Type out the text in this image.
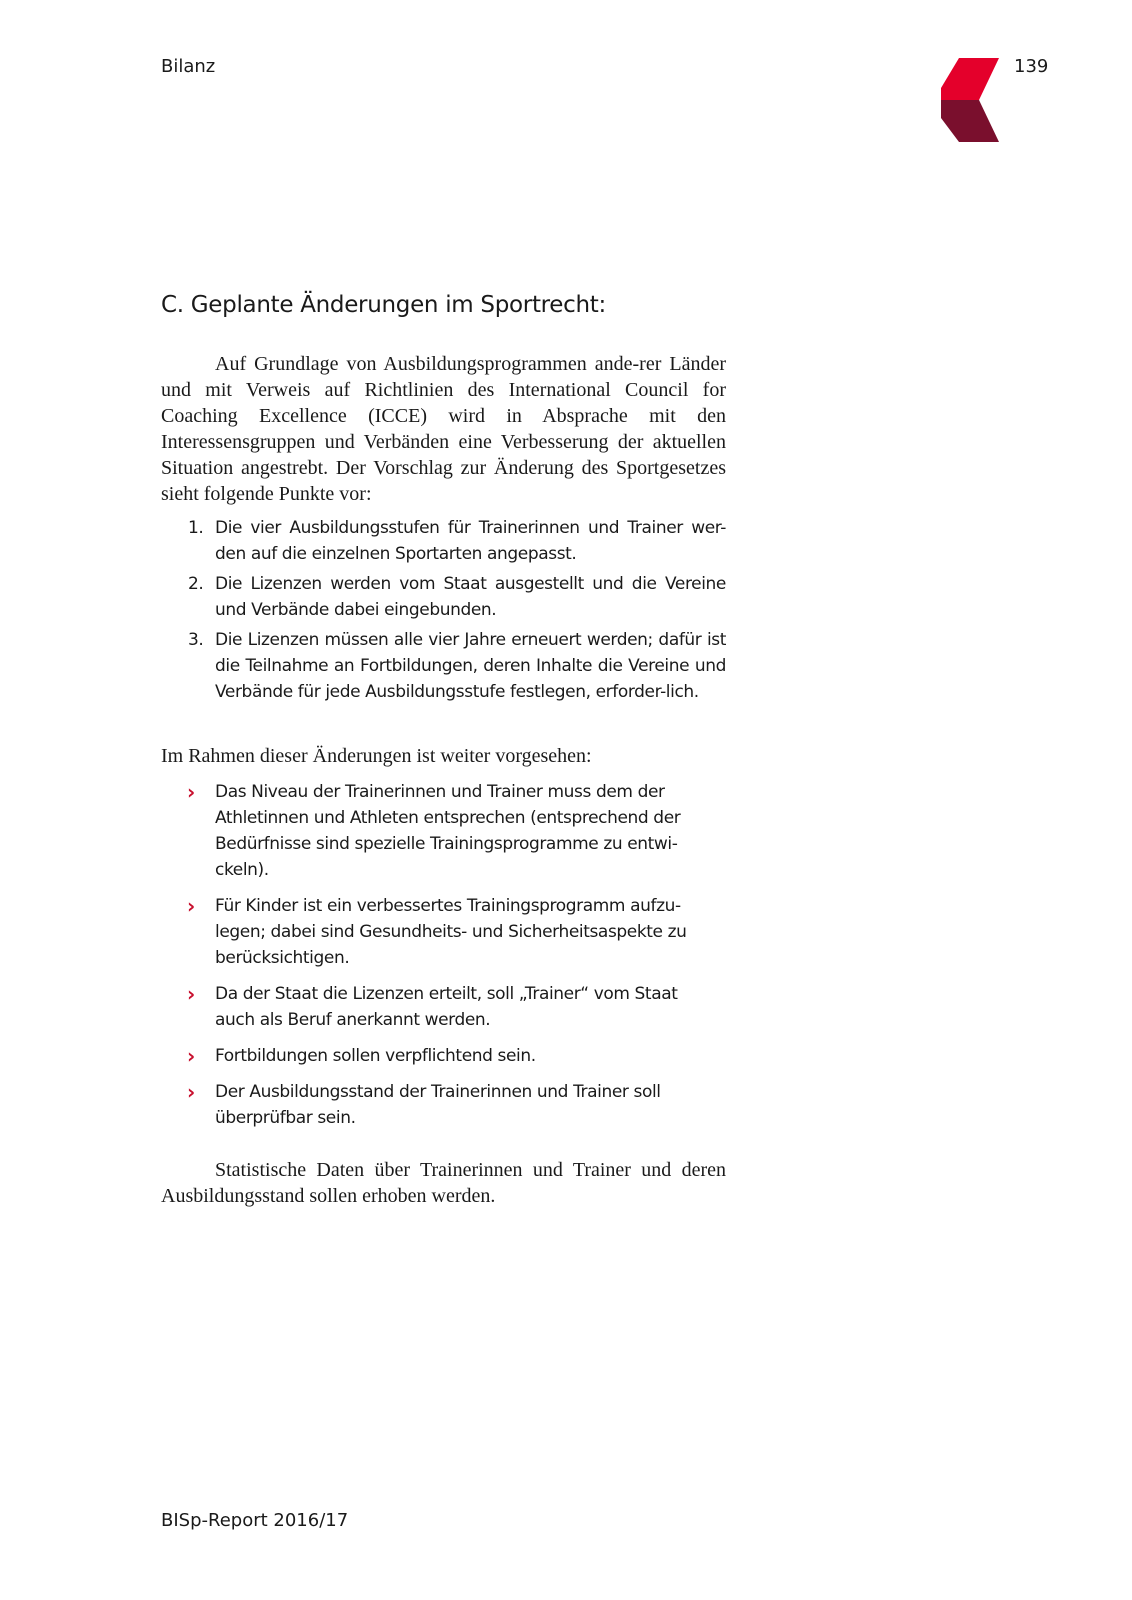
Bilanz	139

C. Geplante Änderungen im Sportrecht:

Auf Grundlage von Ausbildungsprogrammen ande-rer Länder und mit Verweis auf Richtlinien des International Council for Coaching Excellence (ICCE) wird in Absprache mit den Interessensgruppen und Verbänden eine Verbesserung der aktuellen Situation angestrebt. Der Vorschlag zur Änderung des Sportgesetzes sieht folgende Punkte vor:

1. Die vier Ausbildungsstufen für Trainerinnen und Trainer wer-den auf die einzelnen Sportarten angepasst.
2. Die Lizenzen werden vom Staat ausgestellt und die Vereine und Verbände dabei eingebunden.
3. Die Lizenzen müssen alle vier Jahre erneuert werden; dafür ist die Teilnahme an Fortbildungen, deren Inhalte die Vereine und Verbände für jede Ausbildungsstufe festlegen, erforder-lich.

Im Rahmen dieser Änderungen ist weiter vorgesehen:

› Das Niveau der Trainerinnen und Trainer muss dem der Athletinnen und Athleten entsprechen (entsprechend der Bedürfnisse sind spezielle Trainingsprogramme zu entwi-ckeln).
› Für Kinder ist ein verbessertes Trainingsprogramm aufzu-legen; dabei sind Gesundheits- und Sicherheitsaspekte zu berücksichtigen.
› Da der Staat die Lizenzen erteilt, soll „Trainer“ vom Staat auch als Beruf anerkannt werden.
› Fortbildungen sollen verpflichtend sein.
› Der Ausbildungsstand der Trainerinnen und Trainer soll überprüfbar sein.

Statistische Daten über Trainerinnen und Trainer und deren Ausbildungsstand sollen erhoben werden.

BISp-Report 2016/17
